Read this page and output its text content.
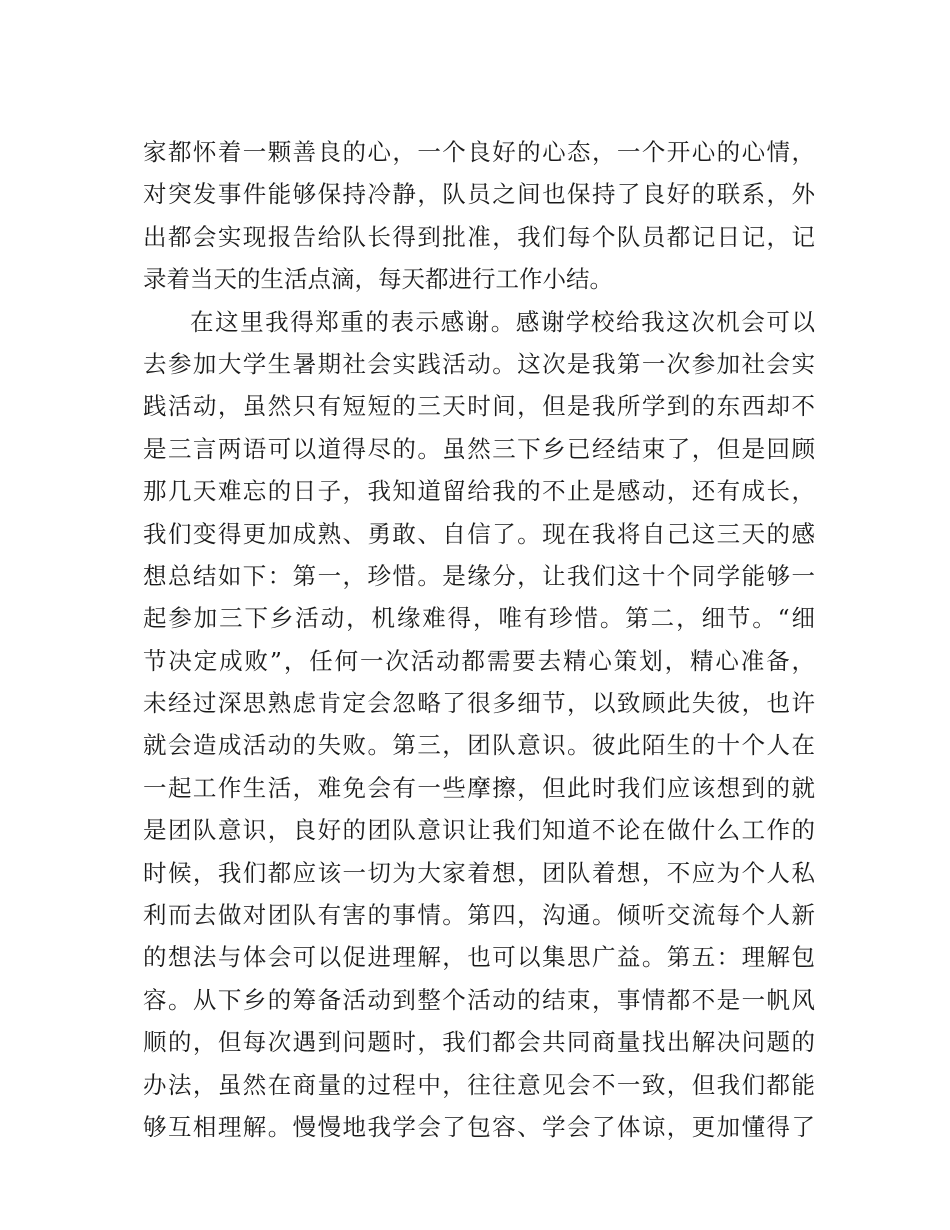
家都怀着一颗善良的心，一个良好的心态，一个开心的心情，
对突发事件能够保持冷静，队员之间也保持了良好的联系，外
出都会实现报告给队长得到批准，我们每个队员都记日记，记
录着当天的生活点滴，每天都进行工作小结。
在这里我得郑重的表示感谢。感谢学校给我这次机会可以
去参加大学生暑期社会实践活动。这次是我第一次参加社会实
践活动，虽然只有短短的三天时间，但是我所学到的东西却不
是三言两语可以道得尽的。虽然三下乡已经结束了，但是回顾
那几天难忘的日子，我知道留给我的不止是感动，还有成长，
我们变得更加成熟、勇敢、自信了。现在我将自己这三天的感
想总结如下：第一，珍惜。是缘分，让我们这十个同学能够一
起参加三下乡活动，机缘难得，唯有珍惜。第二，细节。“细
节决定成败”，任何一次活动都需要去精心策划，精心准备，
未经过深思熟虑肯定会忽略了很多细节，以致顾此失彼，也许
就会造成活动的失败。第三，团队意识。彼此陌生的十个人在
一起工作生活，难免会有一些摩擦，但此时我们应该想到的就
是团队意识，良好的团队意识让我们知道不论在做什么工作的
时候，我们都应该一切为大家着想，团队着想，不应为个人私
利而去做对团队有害的事情。第四，沟通。倾听交流每个人新
的想法与体会可以促进理解，也可以集思广益。第五：理解包
容。从下乡的筹备活动到整个活动的结束，事情都不是一帆风
顺的，但每次遇到问题时，我们都会共同商量找出解决问题的
办法，虽然在商量的过程中，往往意见会不一致，但我们都能
够互相理解。慢慢地我学会了包容、学会了体谅，更加懂得了
